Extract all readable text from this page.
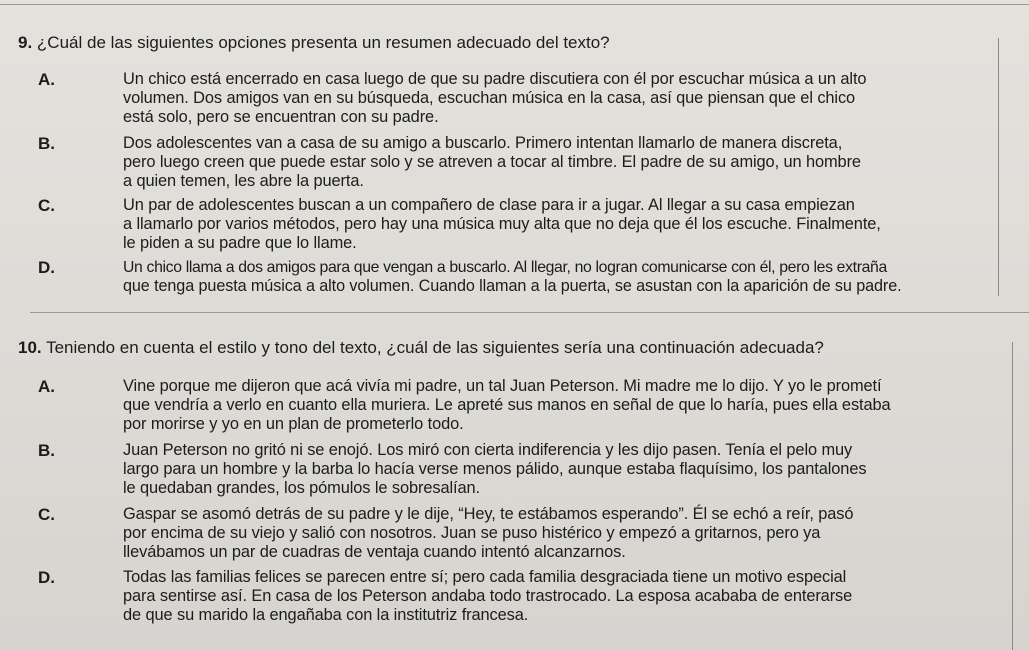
9. ¿Cuál de las siguientes opciones presenta un resumen adecuado del texto?
A.	Un chico está encerrado en casa luego de que su padre discutiera con él por escuchar música a un alto
volumen. Dos amigos van en su búsqueda, escuchan música en la casa, así que piensan que el chico
está solo, pero se encuentran con su padre.
B.	Dos adolescentes van a casa de su amigo a buscarlo. Primero intentan llamarlo de manera discreta,
pero luego creen que puede estar solo y se atreven a tocar al timbre. El padre de su amigo, un hombre
a quien temen, les abre la puerta.
C.	Un par de adolescentes buscan a un compañero de clase para ir a jugar. Al llegar a su casa empiezan
a llamarlo por varios métodos, pero hay una música muy alta que no deja que él los escuche. Finalmente,
le piden a su padre que lo llame.
D.	Un chico llama a dos amigos para que vengan a buscarlo. Al llegar, no logran comunicarse con él, pero les extraña
que tenga puesta música a alto volumen. Cuando llaman a la puerta, se asustan con la aparición de su padre.
10. Teniendo en cuenta el estilo y tono del texto, ¿cuál de las siguientes sería una continuación adecuada?
A.	Vine porque me dijeron que acá vivía mi padre, un tal Juan Peterson. Mi madre me lo dijo. Y yo le prometí
que vendría a verlo en cuanto ella muriera. Le apreté sus manos en señal de que lo haría, pues ella estaba
por morirse y yo en un plan de prometerlo todo.
B.	Juan Peterson no gritó ni se enojó. Los miró con cierta indiferencia y les dijo pasen. Tenía el pelo muy
largo para un hombre y la barba lo hacía verse menos pálido, aunque estaba flaquísimo, los pantalones
le quedaban grandes, los pómulos le sobresalían.
C.	Gaspar se asomó detrás de su padre y le dije, “Hey, te estábamos esperando”. Él se echó a reír, pasó
por encima de su viejo y salió con nosotros. Juan se puso histérico y empezó a gritarnos, pero ya
llevábamos un par de cuadras de ventaja cuando intentó alcanzarnos.
D.	Todas las familias felices se parecen entre sí; pero cada familia desgraciada tiene un motivo especial
para sentirse así. En casa de los Peterson andaba todo trastrocado. La esposa acababa de enterarse
de que su marido la engañaba con la institutriz francesa.
